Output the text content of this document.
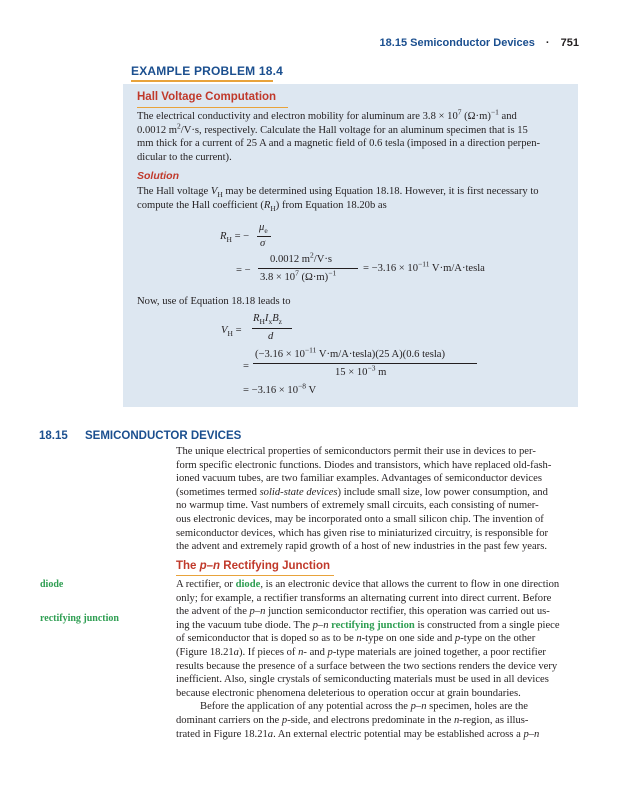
18.15 Semiconductor Devices · 751
EXAMPLE PROBLEM 18.4
Hall Voltage Computation
The electrical conductivity and electron mobility for aluminum are $3.8 \times 10^7$ $(\Omega\cdot m)^{-1}$ and
0.0012 $m^2/V\cdot s$, respectively. Calculate the Hall voltage for an aluminum specimen that is 15
mm thick for a current of 25 A and a magnetic field of 0.6 tesla (imposed in a direction perpen-
dicular to the current).
Solution
The Hall voltage $V_H$ may be determined using Equation 18.18. However, it is first necessary to
compute the Hall coefficient $(R_H)$ from Equation 18.20b as
$R_H$ = −
$\mu_e$
σ
= −
0.0012 $m^2/V\cdot s$
$3.8 \times 10^7$ $(\Omega\cdot m)^{-1}$	= $-3.16 \times 10^{-11}$ V·m/A·tesla
Now, use of Equation 18.18 leads to
$V_H$ =
$R_HI_xB_z$
d
=
($-3.16 \times 10^{-11}$ V·m/A·tesla)(25 A)(0.6 tesla)
$15 \times 10^{-3}$ m
= $-3.16 \times 10^{-8}$ V
18.15 SEMICONDUCTOR DEVICES
The unique electrical properties of semiconductors permit their use in devices to per-
form specific electronic functions. Diodes and transistors, which have replaced old-fash-
ioned vacuum tubes, are two familiar examples. Advantages of semiconductor devices
(sometimes termed solid-state devices) include small size, low power consumption, and
no warmup time. Vast numbers of extremely small circuits, each consisting of numer-
ous electronic devices, may be incorporated onto a small silicon chip. The invention of
semiconductor devices, which has given rise to miniaturized circuitry, is responsible for
the advent and extremely rapid growth of a host of new industries in the past few years.
The p–n Rectifying Junction
diode
rectifying junction
A rectifier, or diode, is an electronic device that allows the current to flow in one direction
only; for example, a rectifier transforms an alternating current into direct current. Before
the advent of the p–n junction semiconductor rectifier, this operation was carried out us-
ing the vacuum tube diode. The p–n rectifying junction is constructed from a single piece
of semiconductor that is doped so as to be n-type on one side and p-type on the other
(Figure 18.21a). If pieces of n- and p-type materials are joined together, a poor rectifier
results because the presence of a surface between the two sections renders the device very
inefficient. Also, single crystals of semiconducting materials must be used in all devices
because electronic phenomena deleterious to operation occur at grain boundaries.
Before the application of any potential across the p–n specimen, holes are the
dominant carriers on the p-side, and electrons predominate in the n-region, as illus-
trated in Figure 18.21a. An external electric potential may be established across a p–n
